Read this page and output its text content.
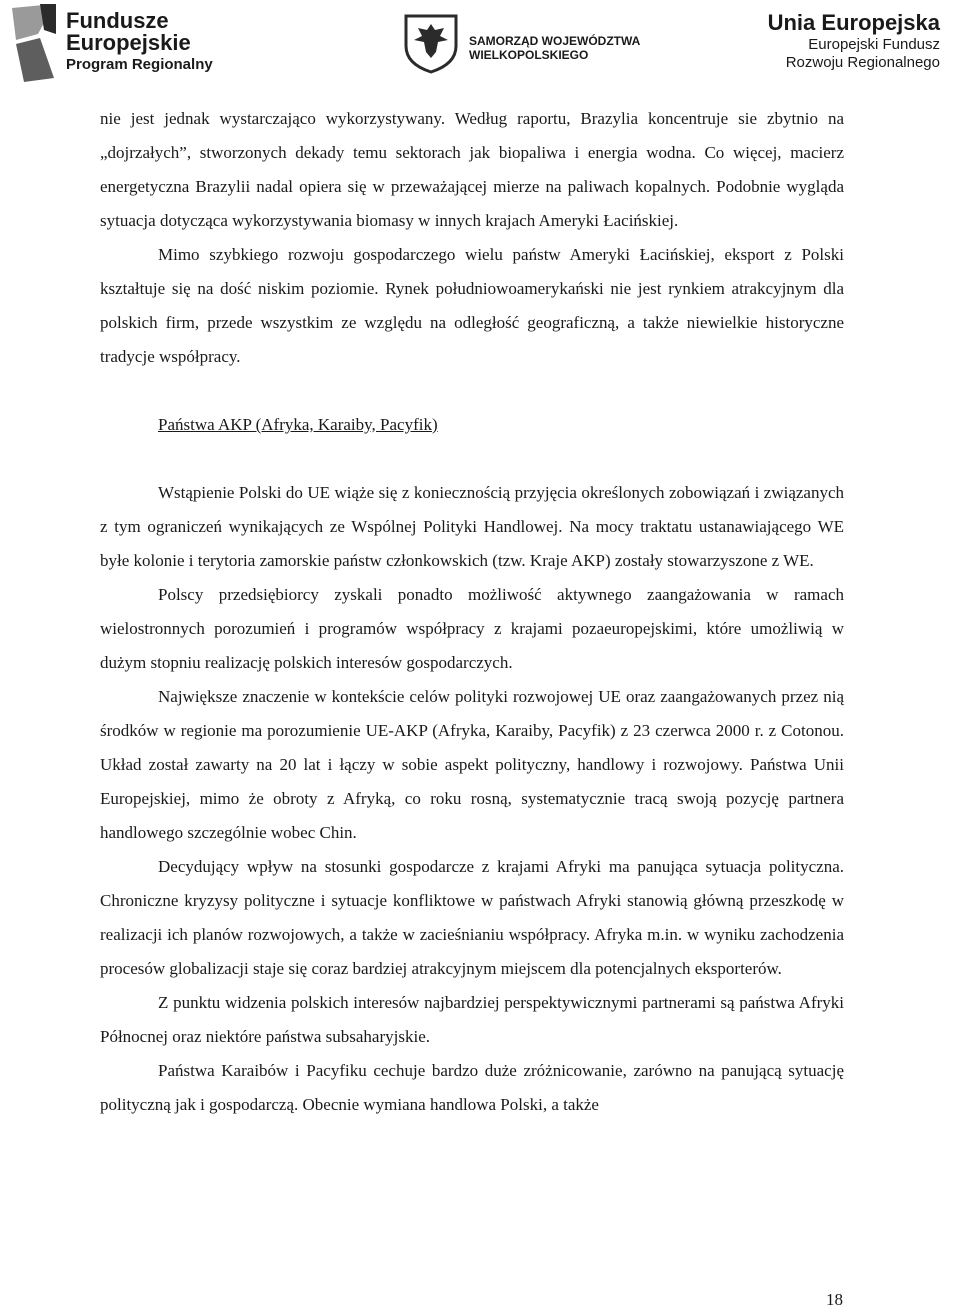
Fundusze
Europejskie
Program Regionalny
SAMORZĄD WOJEWÓDZTWA
WIELKOPOLSKIEGO
Unia Europejska
Europejski Fundusz
Rozwoju Regionalnego

nie jest jednak wystarczająco wykorzystywany. Według raportu, Brazylia koncentruje sie zbytnio na „dojrzałych”, stworzonych dekady temu sektorach jak biopaliwa i energia wodna. Co więcej, macierz energetyczna Brazylii nadal opiera się w przeważającej mierze na paliwach kopalnych. Podobnie wygląda sytuacja dotycząca wykorzystywania biomasy w innych krajach Ameryki Łacińskiej.

Mimo szybkiego rozwoju gospodarczego wielu państw Ameryki Łacińskiej, eksport z Polski kształtuje się na dość niskim poziomie. Rynek południowoamerykański nie jest rynkiem atrakcyjnym dla polskich firm, przede wszystkim ze względu na odległość geograficzną, a także niewielkie historyczne tradycje współpracy.

Państwa AKP (Afryka, Karaiby, Pacyfik)

Wstąpienie Polski do UE wiąże się z koniecznością przyjęcia określonych zobowiązań i związanych z tym ograniczeń wynikających ze Wspólnej Polityki Handlowej. Na mocy traktatu ustanawiającego WE byłe kolonie i terytoria zamorskie państw członkowskich (tzw. Kraje AKP) zostały stowarzyszone z WE.

Polscy przedsiębiorcy zyskali ponadto możliwość aktywnego zaangażowania w ramach wielostronnych porozumień i programów współpracy z krajami pozaeuropejskimi, które umożliwią w dużym stopniu realizację polskich interesów gospodarczych.

Największe znaczenie w kontekście celów polityki rozwojowej UE oraz zaangażowanych przez nią środków w regionie ma porozumienie UE-AKP (Afryka, Karaiby, Pacyfik) z 23 czerwca 2000 r. z Cotonou. Układ został zawarty na 20 lat i łączy w sobie aspekt polityczny, handlowy i rozwojowy. Państwa Unii Europejskiej, mimo że obroty z Afryką, co roku rosną, systematycznie tracą swoją pozycję partnera handlowego szczególnie wobec Chin.

Decydujący wpływ na stosunki gospodarcze z krajami Afryki ma panująca sytuacja polityczna. Chroniczne kryzysy polityczne i sytuacje konfliktowe w państwach Afryki stanowią główną przeszkodę w realizacji ich planów rozwojowych, a także w zacieśnianiu współpracy. Afryka m.in. w wyniku zachodzenia procesów globalizacji staje się coraz bardziej atrakcyjnym miejscem dla potencjalnych eksporterów.

Z punktu widzenia polskich interesów najbardziej perspektywicznymi partnerami są państwa Afryki Północnej oraz niektóre państwa subsaharyjskie.

Państwa Karaibów i Pacyfiku cechuje bardzo duże zróżnicowanie, zarówno na panującą sytuację polityczną jak i gospodarczą. Obecnie wymiana handlowa Polski, a także

18
